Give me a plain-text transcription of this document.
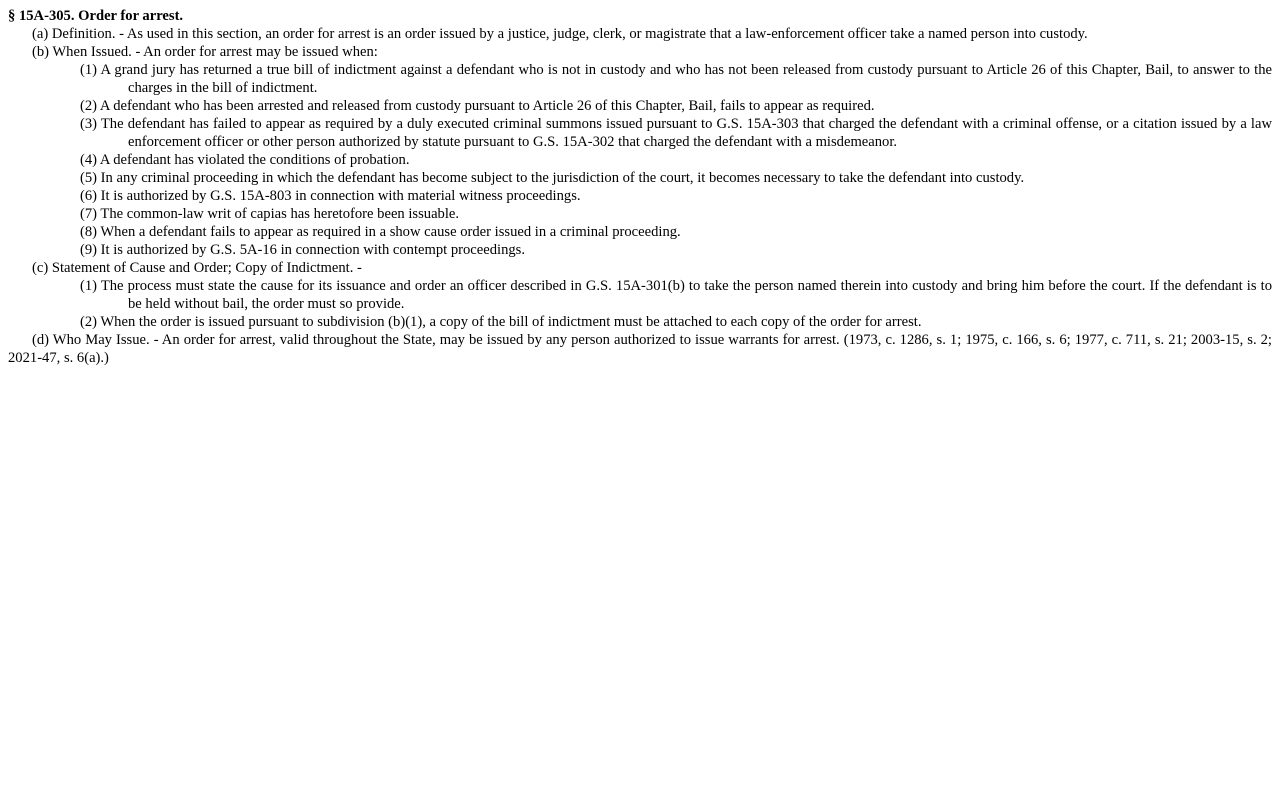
§ 15A-305. Order for arrest.

(a) Definition. - As used in this section, an order for arrest is an order issued by a justice, judge, clerk, or magistrate that a law-enforcement officer take a named person into custody.

(b) When Issued. - An order for arrest may be issued when:

(1) A grand jury has returned a true bill of indictment against a defendant who is not in custody and who has not been released from custody pursuant to Article 26 of this Chapter, Bail, to answer to the charges in the bill of indictment.

(2) A defendant who has been arrested and released from custody pursuant to Article 26 of this Chapter, Bail, fails to appear as required.

(3) The defendant has failed to appear as required by a duly executed criminal summons issued pursuant to G.S. 15A-303 that charged the defendant with a criminal offense, or a citation issued by a law enforcement officer or other person authorized by statute pursuant to G.S. 15A-302 that charged the defendant with a misdemeanor.

(4) A defendant has violated the conditions of probation.

(5) In any criminal proceeding in which the defendant has become subject to the jurisdiction of the court, it becomes necessary to take the defendant into custody.

(6) It is authorized by G.S. 15A-803 in connection with material witness proceedings.

(7) The common-law writ of capias has heretofore been issuable.

(8) When a defendant fails to appear as required in a show cause order issued in a criminal proceeding.

(9) It is authorized by G.S. 5A-16 in connection with contempt proceedings.

(c) Statement of Cause and Order; Copy of Indictment. -

(1) The process must state the cause for its issuance and order an officer described in G.S. 15A-301(b) to take the person named therein into custody and bring him before the court. If the defendant is to be held without bail, the order must so provide.

(2) When the order is issued pursuant to subdivision (b)(1), a copy of the bill of indictment must be attached to each copy of the order for arrest.

(d) Who May Issue. - An order for arrest, valid throughout the State, may be issued by any person authorized to issue warrants for arrest. (1973, c. 1286, s. 1; 1975, c. 166, s. 6; 1977, c. 711, s. 21; 2003-15, s. 2; 2021-47, s. 6(a).)
